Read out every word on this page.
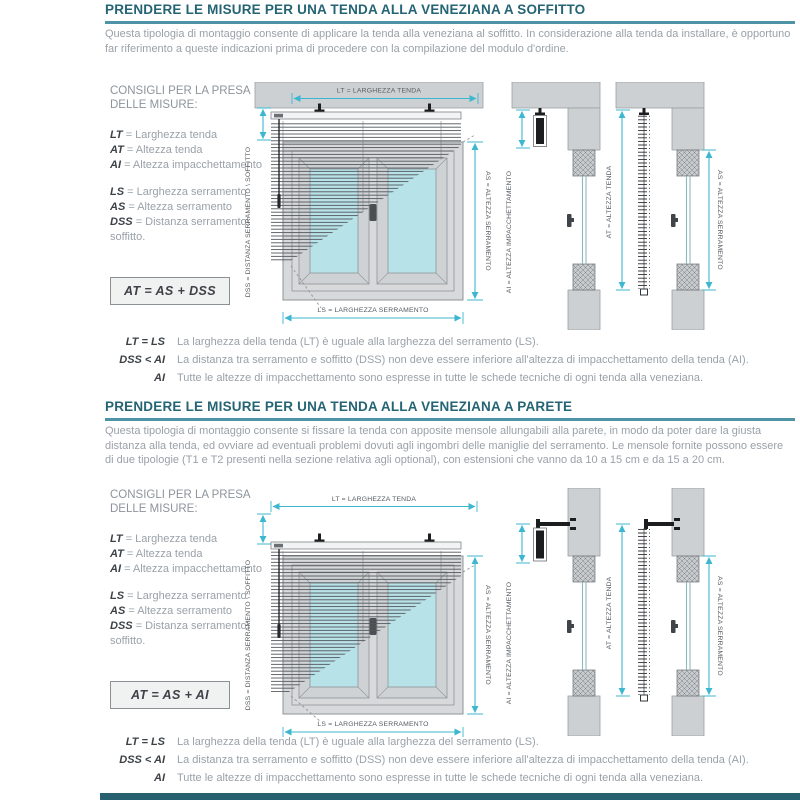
PRENDERE LE MISURE PER UNA TENDA ALLA VENEZIANA A SOFFITTO

Questa tipologia di montaggio consente di applicare la tenda alla veneziana al soffitto. In considerazione alla tenda da installare, è opportuno far riferimento a queste indicazioni prima di procedere con la compilazione del modulo d'ordine.

CONSIGLI PER LA PRESA DELLE MISURE:
LT = Larghezza tenda
AT = Altezza tenda
AI = Altezza impacchettamento
LS = Larghezza serramento
AS = Altezza serramento
DSS = Distanza serramento\ soffitto.
AT = AS + DSS
LT = LARGHEZZA TENDA
AS = ALTEZZA SERRAMENTO
LS = LARGHEZZA SERRAMENTO
DSS = DISTANZA SERRAMENTO \ SOFFITTO	AI = ALTEZZA IMPACCHETTAMENTO	AT = ALTEZZA TENDA	AS = ALTEZZA SERRAMENTO
LT = LS La larghezza della tenda (LT) è uguale alla larghezza del serramento (LS).
DSS < AI La distanza tra serramento e soffitto (DSS) non deve essere inferiore all'altezza di impacchettamento della tenda (AI).
AI Tutte le altezze di impacchettamento sono espresse in tutte le schede tecniche di ogni tenda alla veneziana.
PRENDERE LE MISURE PER UNA TENDA ALLA VENEZIANA A PARETE

Questa tipologia di montaggio consente si fissare la tenda con apposite mensole allungabili alla parete, in modo da poter dare la giusta distanza alla tenda, ed ovviare ad eventuali problemi dovuti agli ingombri delle maniglie del serramento. Le mensole fornite possono essere di due tipologie (T1 e T2 presenti nella sezione relativa agli optional), con estensioni che vanno da 10 a 15 cm e da 15 a 20 cm.

CONSIGLI PER LA PRESA DELLE MISURE:
LT = Larghezza tenda
AT = Altezza tenda
AI = Altezza impacchettamento
LS = Larghezza serramento
AS = Altezza serramento
DSS = Distanza serramento\ soffitto.
AT = AS + AI
LT = LARGHEZZA TENDA
AS = ALTEZZA SERRAMENTO
LS = LARGHEZZA SERRAMENTO
DSS = DISTANZA SERRAMENTO \ SOFFITTO	AI = ALTEZZA IMPACCHETTAMENTO	AT = ALTEZZA TENDA	AS = ALTEZZA SERRAMENTO
LT = LS La larghezza della tenda (LT) è uguale alla larghezza del serramento (LS).
DSS < AI La distanza tra serramento e soffitto (DSS) non deve essere inferiore all'altezza di impacchettamento della tenda (AI).
AI Tutte le altezze di impacchettamento sono espresse in tutte le schede tecniche di ogni tenda alla veneziana.
